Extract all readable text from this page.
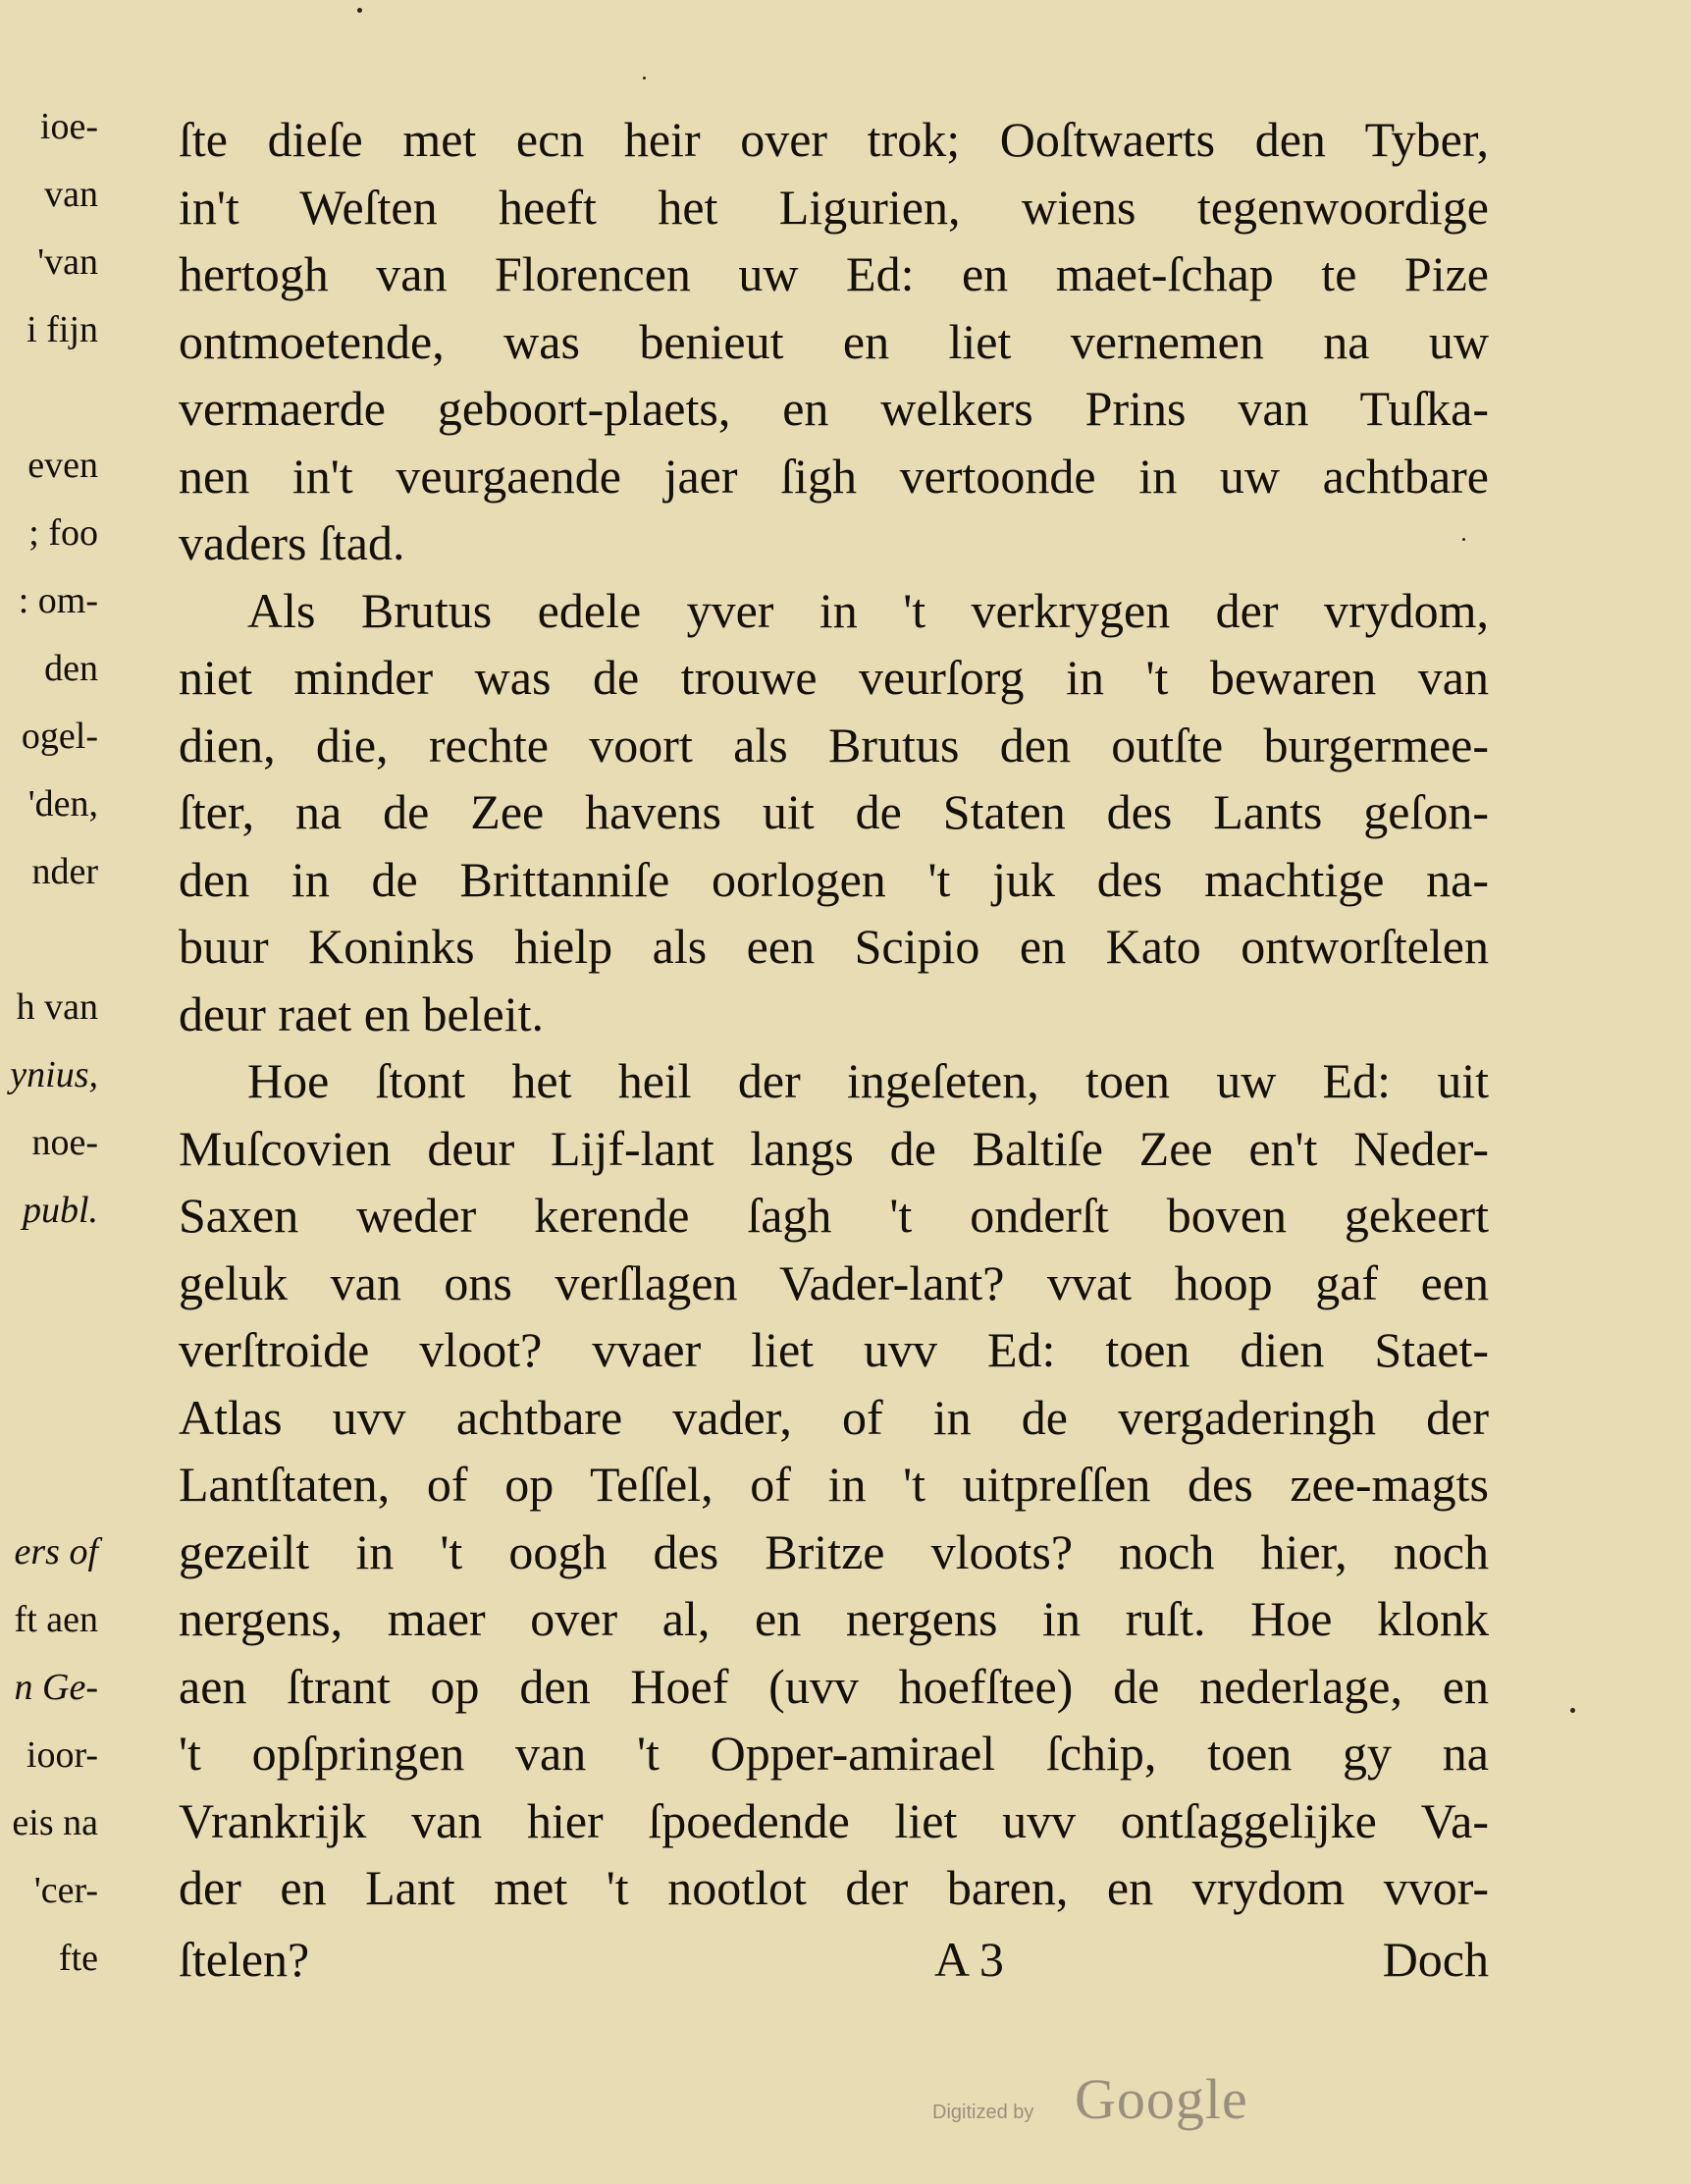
ioe-
van
'van
i fijn
even
; foo
: om-
den
ogel-
'den,
nder
h van
ynius,
noe-
publ.
ers of
ft aen
n Ge-
ioor-
eis na
'cer-
fte
ſte dieſe met ecn heir over trok; Ooſtwaerts den Tyber,
in't Weſten heeft het Ligurien, wiens tegenwoordige
hertogh van Florencen uw Ed: en maet-ſchap te Pize
ontmoetende, was benieut en liet vernemen na uw
vermaerde geboort-plaets, en welkers Prins van Tuſka-
nen in't veurgaende jaer ſigh vertoonde in uw achtbare
vaders ſtad.
Als Brutus edele yver in 't verkrygen der vrydom,
niet minder was de trouwe veurſorg in 't bewaren van
dien, die, rechte voort als Brutus den outſte burgermee-
ſter, na de Zee havens uit de Staten des Lants geſon-
den in de Brittanniſe oorlogen 't juk des machtige na-
buur Koninks hielp als een Scipio en Kato ontworſtelen
deur raet en beleit.
Hoe ſtont het heil der ingeſeten, toen uw Ed: uit
Muſcovien deur Lijf-lant langs de Baltiſe Zee en't Neder-
Saxen weder kerende ſagh 't onderſt boven gekeert
geluk van ons verſlagen Vader-lant? vvat hoop gaf een
verſtroide vloot? vvaer liet uvv Ed: toen dien Staet-
Atlas uvv achtbare vader, of in de vergaderingh der
Lantſtaten, of op Teſſel, of in 't uitpreſſen des zee-magts
gezeilt in 't oogh des Britze vloots? noch hier, noch
nergens, maer over al, en nergens in ruſt. Hoe klonk
aen ſtrant op den Hoef (uvv hoefſtee) de nederlage, en
't opſpringen van 't Opper-amirael ſchip, toen gy na
Vrankrijk van hier ſpoedende liet uvv ontſaggelijke Va-
der en Lant met 't nootlot der baren, en vrydom vvor-
ſtelen?	A 3	Doch
Digitized by Google
